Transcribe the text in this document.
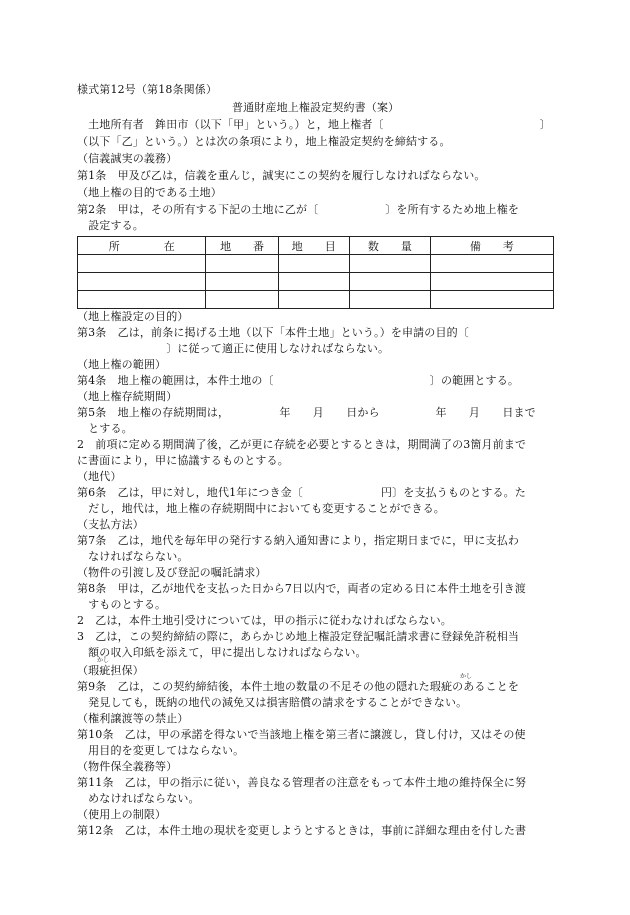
様式第12号（第18条関係）
普通財産地上権設定契約書（案）
　土地所有者　鉾田市（以下「甲」という。）と，地上権者〔　　　　　　　　　　　　　　〕
（以下「乙」という。）とは次の条項により，地上権設定契約を締結する。
（信義誠実の義務）
第1条　甲及び乙は，信義を重んじ，誠実にこの契約を履行しなければならない。
（地上権の目的である土地）
第2条　甲は，その所有する下記の土地に乙が〔　　　　　　〕を所有するため地上権を
　設定する。
所　　　　在	地　　番	地　　目	数　　量	備　　考

（地上権設定の目的）
第3条　乙は，前条に掲げる土地（以下「本件土地」という。）を申請の目的〔
　　　　　　　　〕に従って適正に使用しなければならない。
（地上権の範囲）
第4条　地上権の範囲は，本件土地の〔　　　　　　　　　　　　　　〕の範囲とする。
（地上権存続期間）
第5条　地上権の存続期間は，　　　　　年　　月　　日から　　　　　年　　月　　日まで
　とする。
2　前項に定める期間満了後，乙が更に存続を必要とするときは，期間満了の3箇月前まで
に書面により，甲に協議するものとする。
（地代）
第6条　乙は，甲に対し，地代1年につき金〔　　　　　　　円〕を支払うものとする。た
　だし，地代は，地上権の存続期間中においても変更することができる。
（支払方法）
第7条　乙は，地代を毎年甲の発行する納入通知書により，指定期日までに，甲に支払わ
　なければならない。
（物件の引渡し及び登記の嘱託請求）
第8条　甲は，乙が地代を支払った日から7日以内で，両者の定める日に本件土地を引き渡
　すものとする。
2　乙は，本件土地引受けについては，甲の指示に従わなければならない。
3　乙は，この契約締結の際に，あらかじめ地上権設定登記嘱託請求書に登録免許税相当
　額の収入印紙を添えて，甲に提出しなければならない。
かし
（瑕疵担保）	かし
第9条　乙は，この契約締結後，本件土地の数量の不足その他の隠れた瑕疵のあることを
　発見しても，既納の地代の減免又は損害賠償の請求をすることができない。
（権利譲渡等の禁止）
第10条　乙は，甲の承諾を得ないで当該地上権を第三者に譲渡し，貸し付け，又はその使
　用目的を変更してはならない。
（物件保全義務等）
第11条　乙は，甲の指示に従い，善良なる管理者の注意をもって本件土地の維持保全に努
　めなければならない。
（使用上の制限）
第12条　乙は，本件土地の現状を変更しようとするときは，事前に詳細な理由を付した書
